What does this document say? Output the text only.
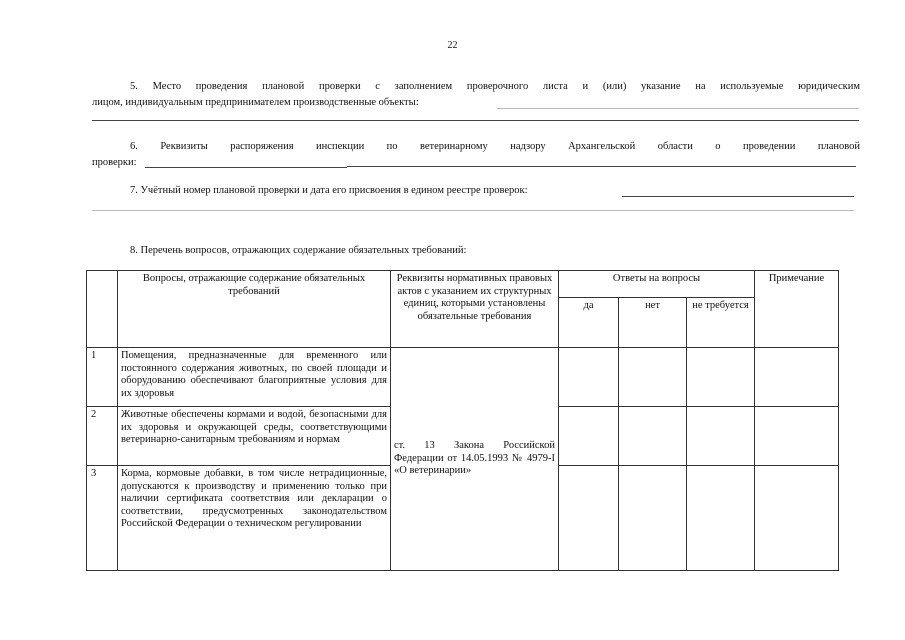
22
5. Место проведения плановой проверки с заполнением проверочного листа и (или) указание на используемые юридическим
лицом, индивидуальным предпринимателем производственные объекты:
6. Реквизиты распоряжения инспекции по ветеринарному надзору Архангельской области о проведении плановой
проверки:
7. Учётный номер плановой проверки и дата его присвоения в едином реестре проверок:
8. Перечень вопросов, отражающих содержание обязательных требований:
	Вопросы, отражающие содержание обязательных требований	Реквизиты нормативных правовых актов с указанием их структурных единиц, которыми установлены обязательные требования	Ответы на вопросы			Примечание
			да	нет	не требуется	
1	Помещения, предназначенные для временного или постоянного содержания животных, по своей площади и оборудованию обеспечивают благоприятные условия для их здоровья	ст. 13 Закона Российской Федерации от 14.05.1993 № 4979-I «О ветеринарии»				
2	Животные обеспечены кормами и водой, безопасными для их здоровья и окружающей среды, соответствующими ветеринарно-санитарным требованиям и нормам					
3	Корма, кормовые добавки, в том числе нетрадиционные, допускаются к производству и применению только при наличии сертификата соответствия или декларации о соответствии, предусмотренных законодательством Российской Федерации о техническом регулировании					
